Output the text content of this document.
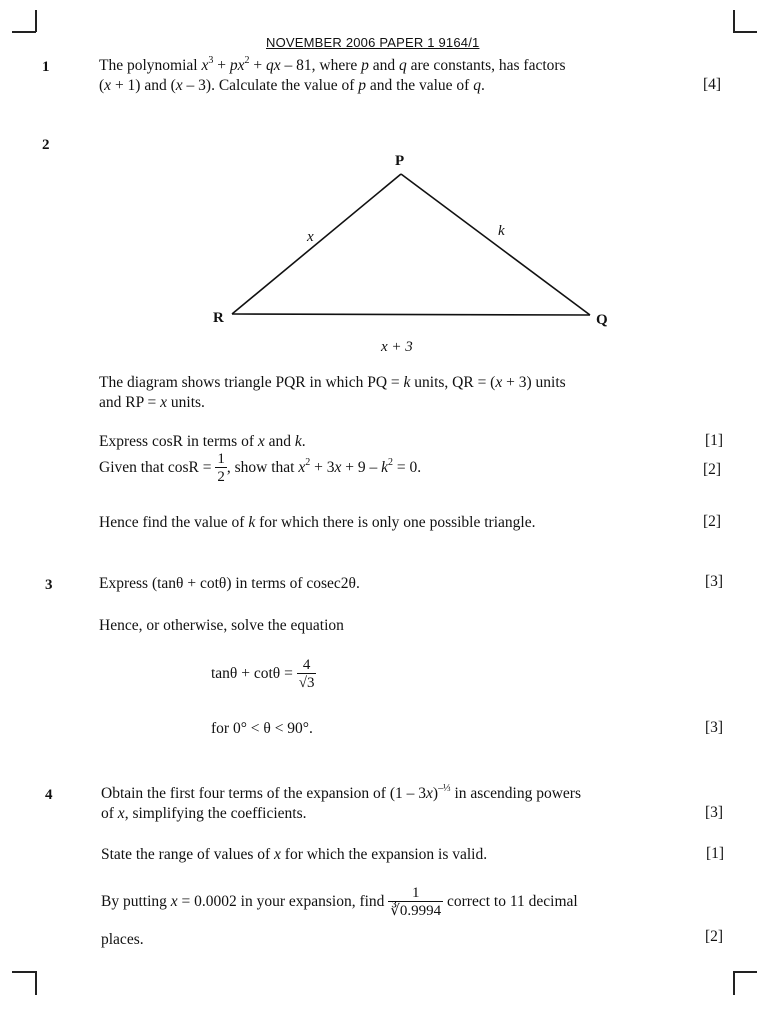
NOVEMBER 2006 PAPER 1 9164/1
1	The polynomial $x^3 + px^2$ + qx – 81, where p and q are constants, has factors
(x + 1) and (x – 3). Calculate the value of p and the value of q.	[4]
2
P
R	Q
x	k
x + 3
The diagram shows triangle PQR in which PQ = k units, QR = (x + 3) units
and RP = x units.
Express cosR in terms of x and k.	[1]
Given that $\cos R = \frac{1}{2}$ , show that $x^2 + 3x + 9 - k^2 = 0$.	[2]
Hence find the value of k for which there is only one possible triangle.	[2]
3	Express (tanθ + cotθ) in terms of cosec2θ.	[3]
Hence, or otherwise, solve the equation
$\tan\theta + \cot\theta = \frac{4}{√3}$
for 0° < θ < 90°.	[3]
4	Obtain the first four terms of the expansion of (1 – 3x)$^{-\frac{1}{3}}$ in ascending powers
of x, simplifying the coefficients.	[3]
State the range of values of x for which the expansion is valid.	[1]
By putting x = 0.0002 in your expansion, find $\frac{1}{∛0.9994}$ correct to 11 decimal
places.	[2]
